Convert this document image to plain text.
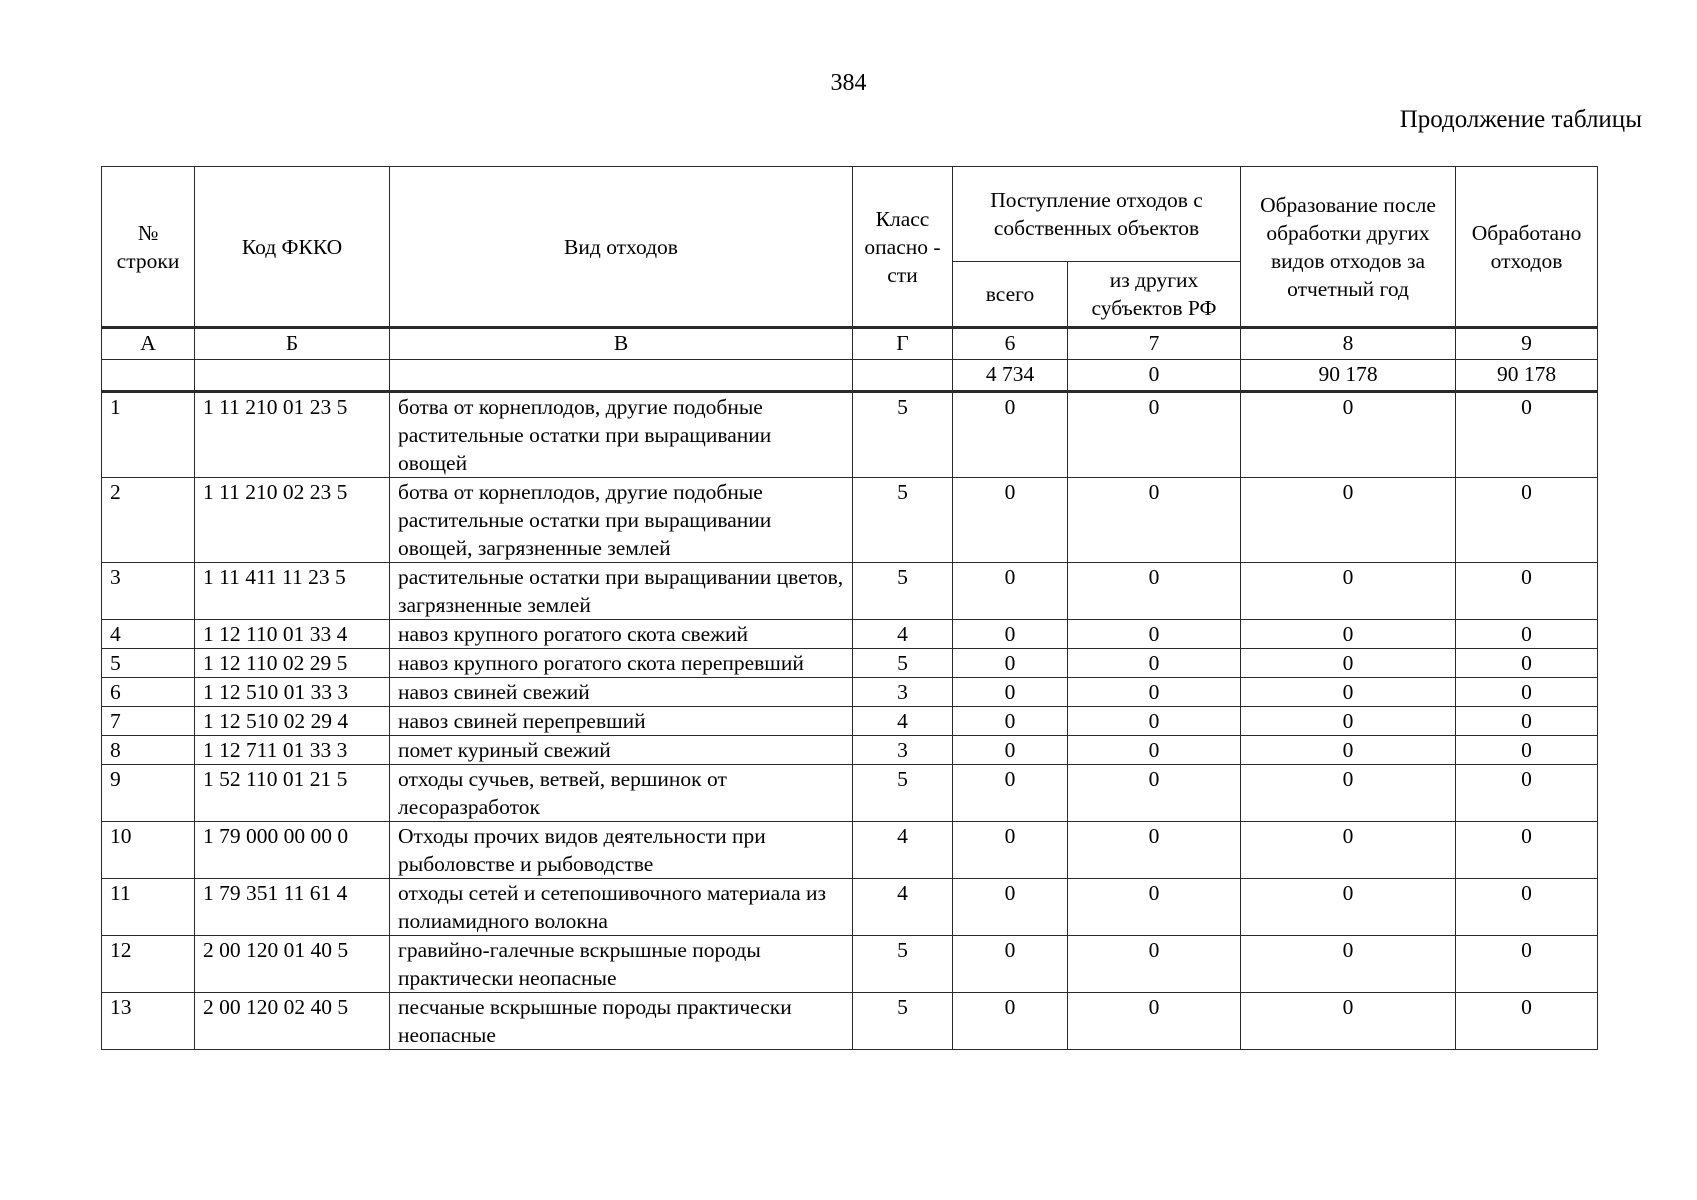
384
Продолжение таблицы
№ строки	Код ФККО	Вид отходов	Класс опасно - сти	Поступление отходов с собственных объектов		Образование после обработки других видов отходов за отчетный год	Обработано отходов
				всего	из других субъектов РФ		
А	Б	В	Г	6	7	8	9
				4 734	0	90 178	90 178
1	1 11 210 01 23 5	ботва от корнеплодов, другие подобные растительные остатки при выращивании овощей	5	0	0	0	0
2	1 11 210 02 23 5	ботва от корнеплодов, другие подобные растительные остатки при выращивании овощей, загрязненные землей	5	0	0	0	0
3	1 11 411 11 23 5	растительные остатки при выращивании цветов, загрязненные землей	5	0	0	0	0
4	1 12 110 01 33 4	навоз крупного рогатого скота свежий	4	0	0	0	0
5	1 12 110 02 29 5	навоз крупного рогатого скота перепревший	5	0	0	0	0
6	1 12 510 01 33 3	навоз свиней свежий	3	0	0	0	0
7	1 12 510 02 29 4	навоз свиней перепревший	4	0	0	0	0
8	1 12 711 01 33 3	помет куриный свежий	3	0	0	0	0
9	1 52 110 01 21 5	отходы сучьев, ветвей, вершинок от лесоразработок	5	0	0	0	0
10	1 79 000 00 00 0	Отходы прочих видов деятельности при рыболовстве и рыбоводстве	4	0	0	0	0
11	1 79 351 11 61 4	отходы сетей и сетепошивочного материала из полиамидного волокна	4	0	0	0	0
12	2 00 120 01 40 5	гравийно-галечные вскрышные породы практически неопасные	5	0	0	0	0
13	2 00 120 02 40 5	песчаные вскрышные породы практически неопасные	5	0	0	0	0
